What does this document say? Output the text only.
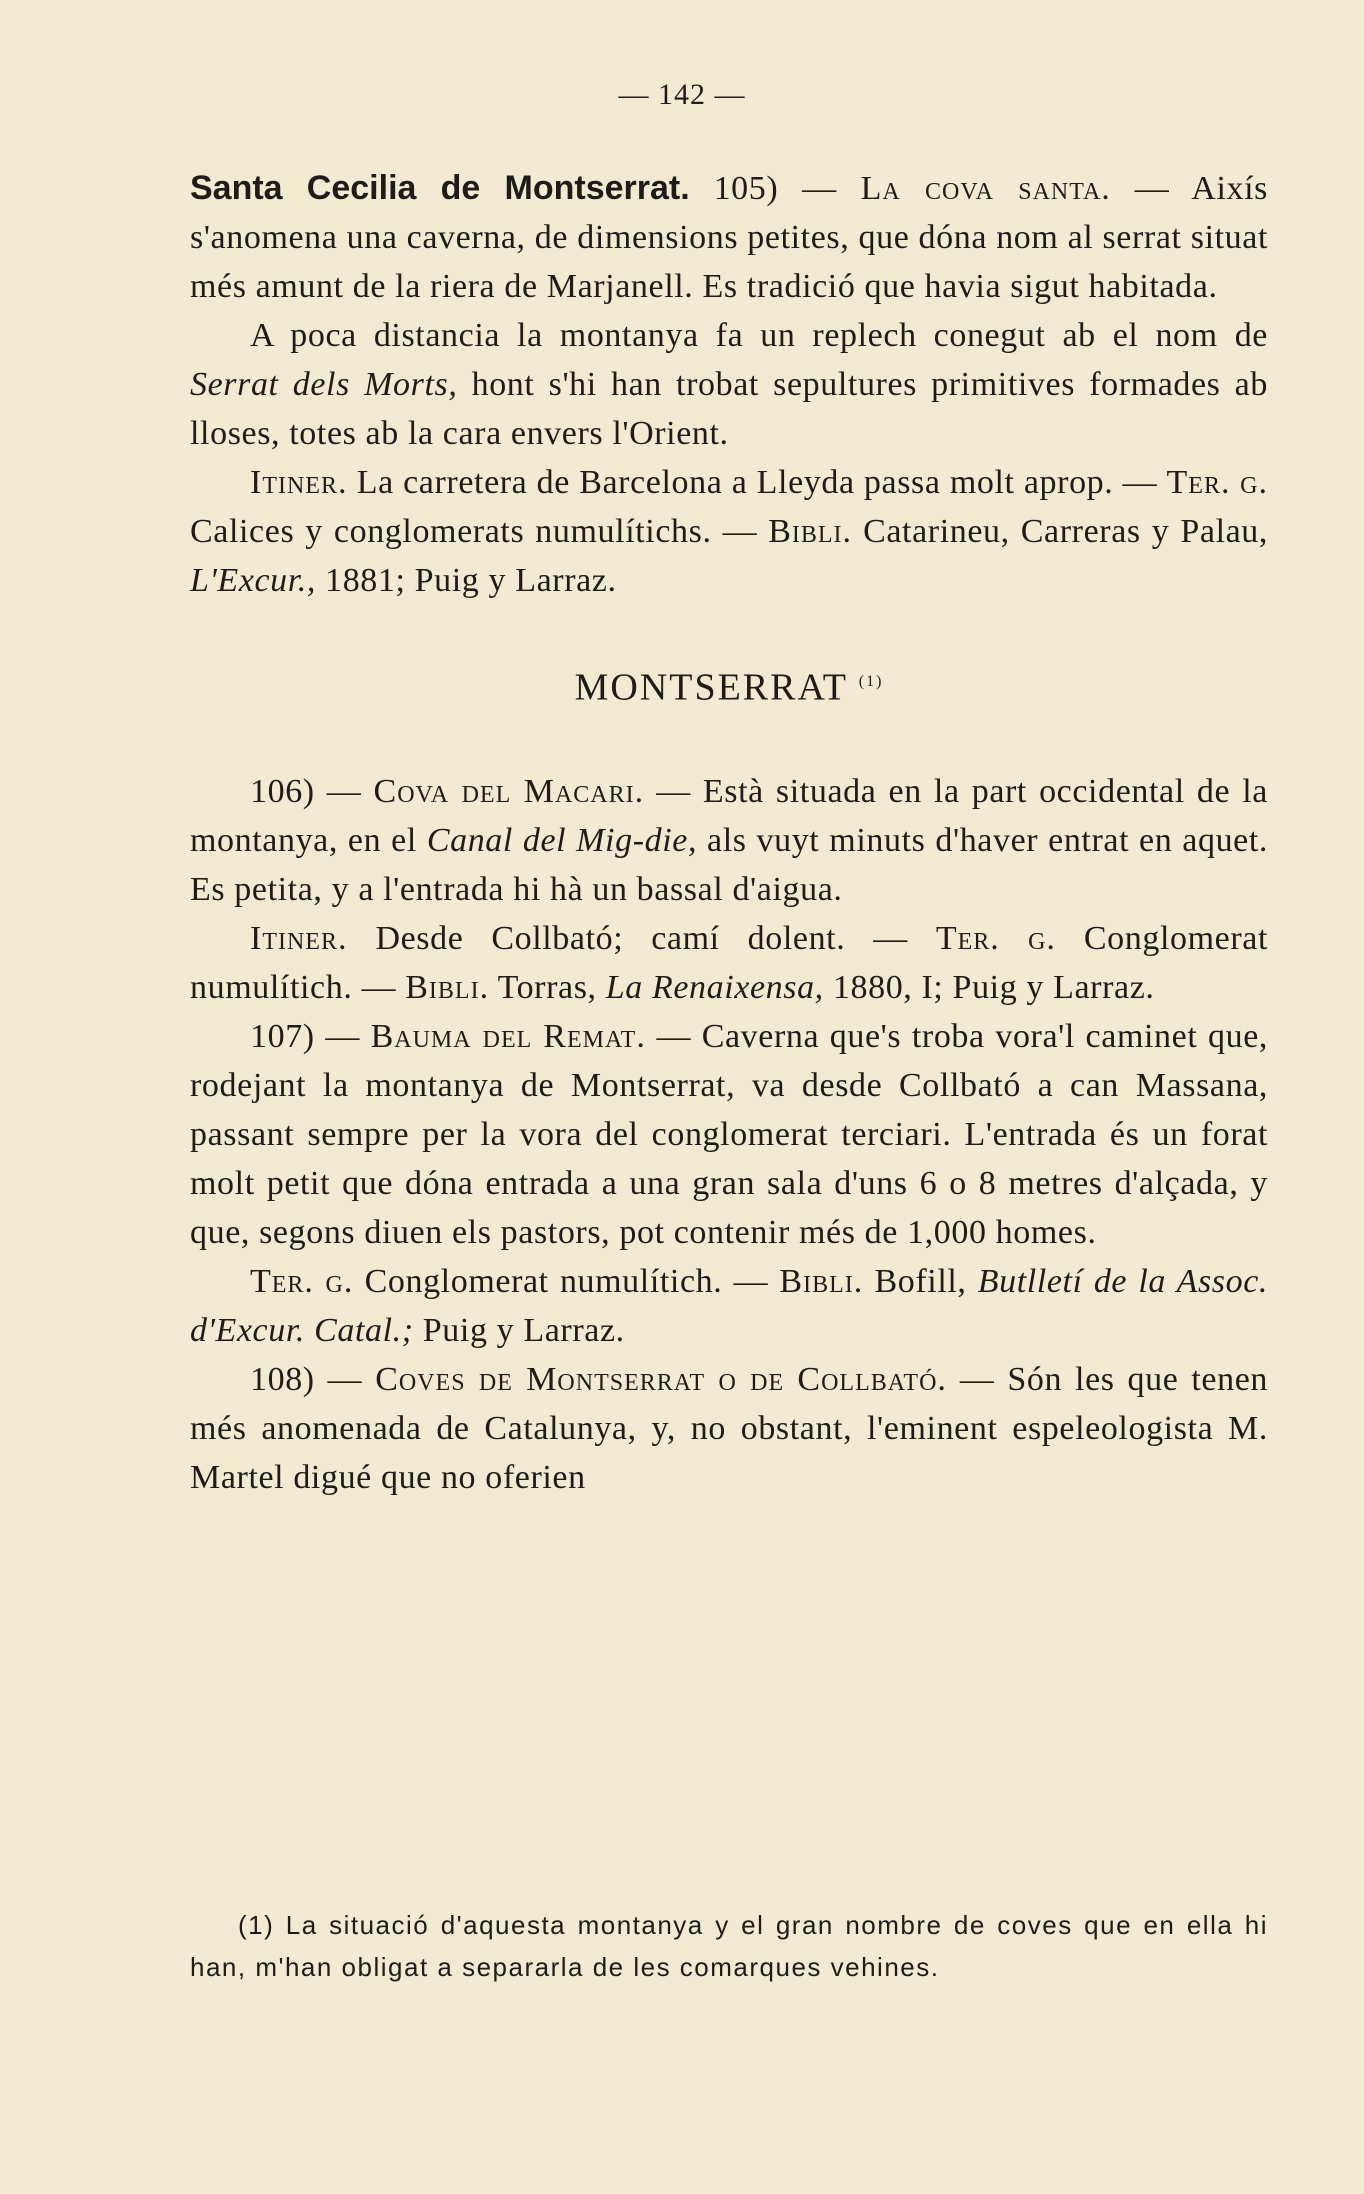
— 142 —

Santa Cecilia de Montserrat. 105) — La cova santa. — Aixís s'anomena una caverna, de dimensions petites, que dóna nom al serrat situat més amunt de la riera de Marjanell. Es tradició que havia sigut habitada.

A poca distancia la montanya fa un replech conegut ab el nom de Serrat dels Morts, hont s'hi han trobat sepultures primitives formades ab lloses, totes ab la cara envers l'Orient.

Itiner. La carretera de Barcelona a Lleyda passa molt aprop. — Ter. g. Calices y conglomerats numulítichs. — Bibli. Catarineu, Carreras y Palau, L'Excur., 1881; Puig y Larraz.

MONTSERRAT $^{(1)}$

106) — Cova del Macari. — Està situada en la part occidental de la montanya, en el Canal del Mig-die, als vuyt minuts d'haver entrat en aquet. Es petita, y a l'entrada hi hà un bassal d'aigua.

Itiner. Desde Collbató; camí dolent. — Ter. g. Conglomerat numulítich. — Bibli. Torras, La Renaixensa, 1880, I; Puig y Larraz.

107) — Bauma del Remat. — Caverna que's troba vora'l caminet que, rodejant la montanya de Montserrat, va desde Collbató a can Massana, passant sempre per la vora del conglomerat terciari. L'entrada és un forat molt petit que dóna entrada a una gran sala d'uns 6 o 8 metres d'alçada, y que, segons diuen els pastors, pot contenir més de 1,000 homes.

Ter. g. Conglomerat numulítich. — Bibli. Bofill, Butlletí de la Assoc. d'Excur. Catal.; Puig y Larraz.

108) — Coves de Montserrat o de Collbató. — Són les que tenen més anomenada de Catalunya, y, no obstant, l'eminent espeleologista M. Martel digué que no oferien

(1) La situació d'aquesta montanya y el gran nombre de coves que en ella hi han, m'han obligat a separarla de les comarques vehines.
